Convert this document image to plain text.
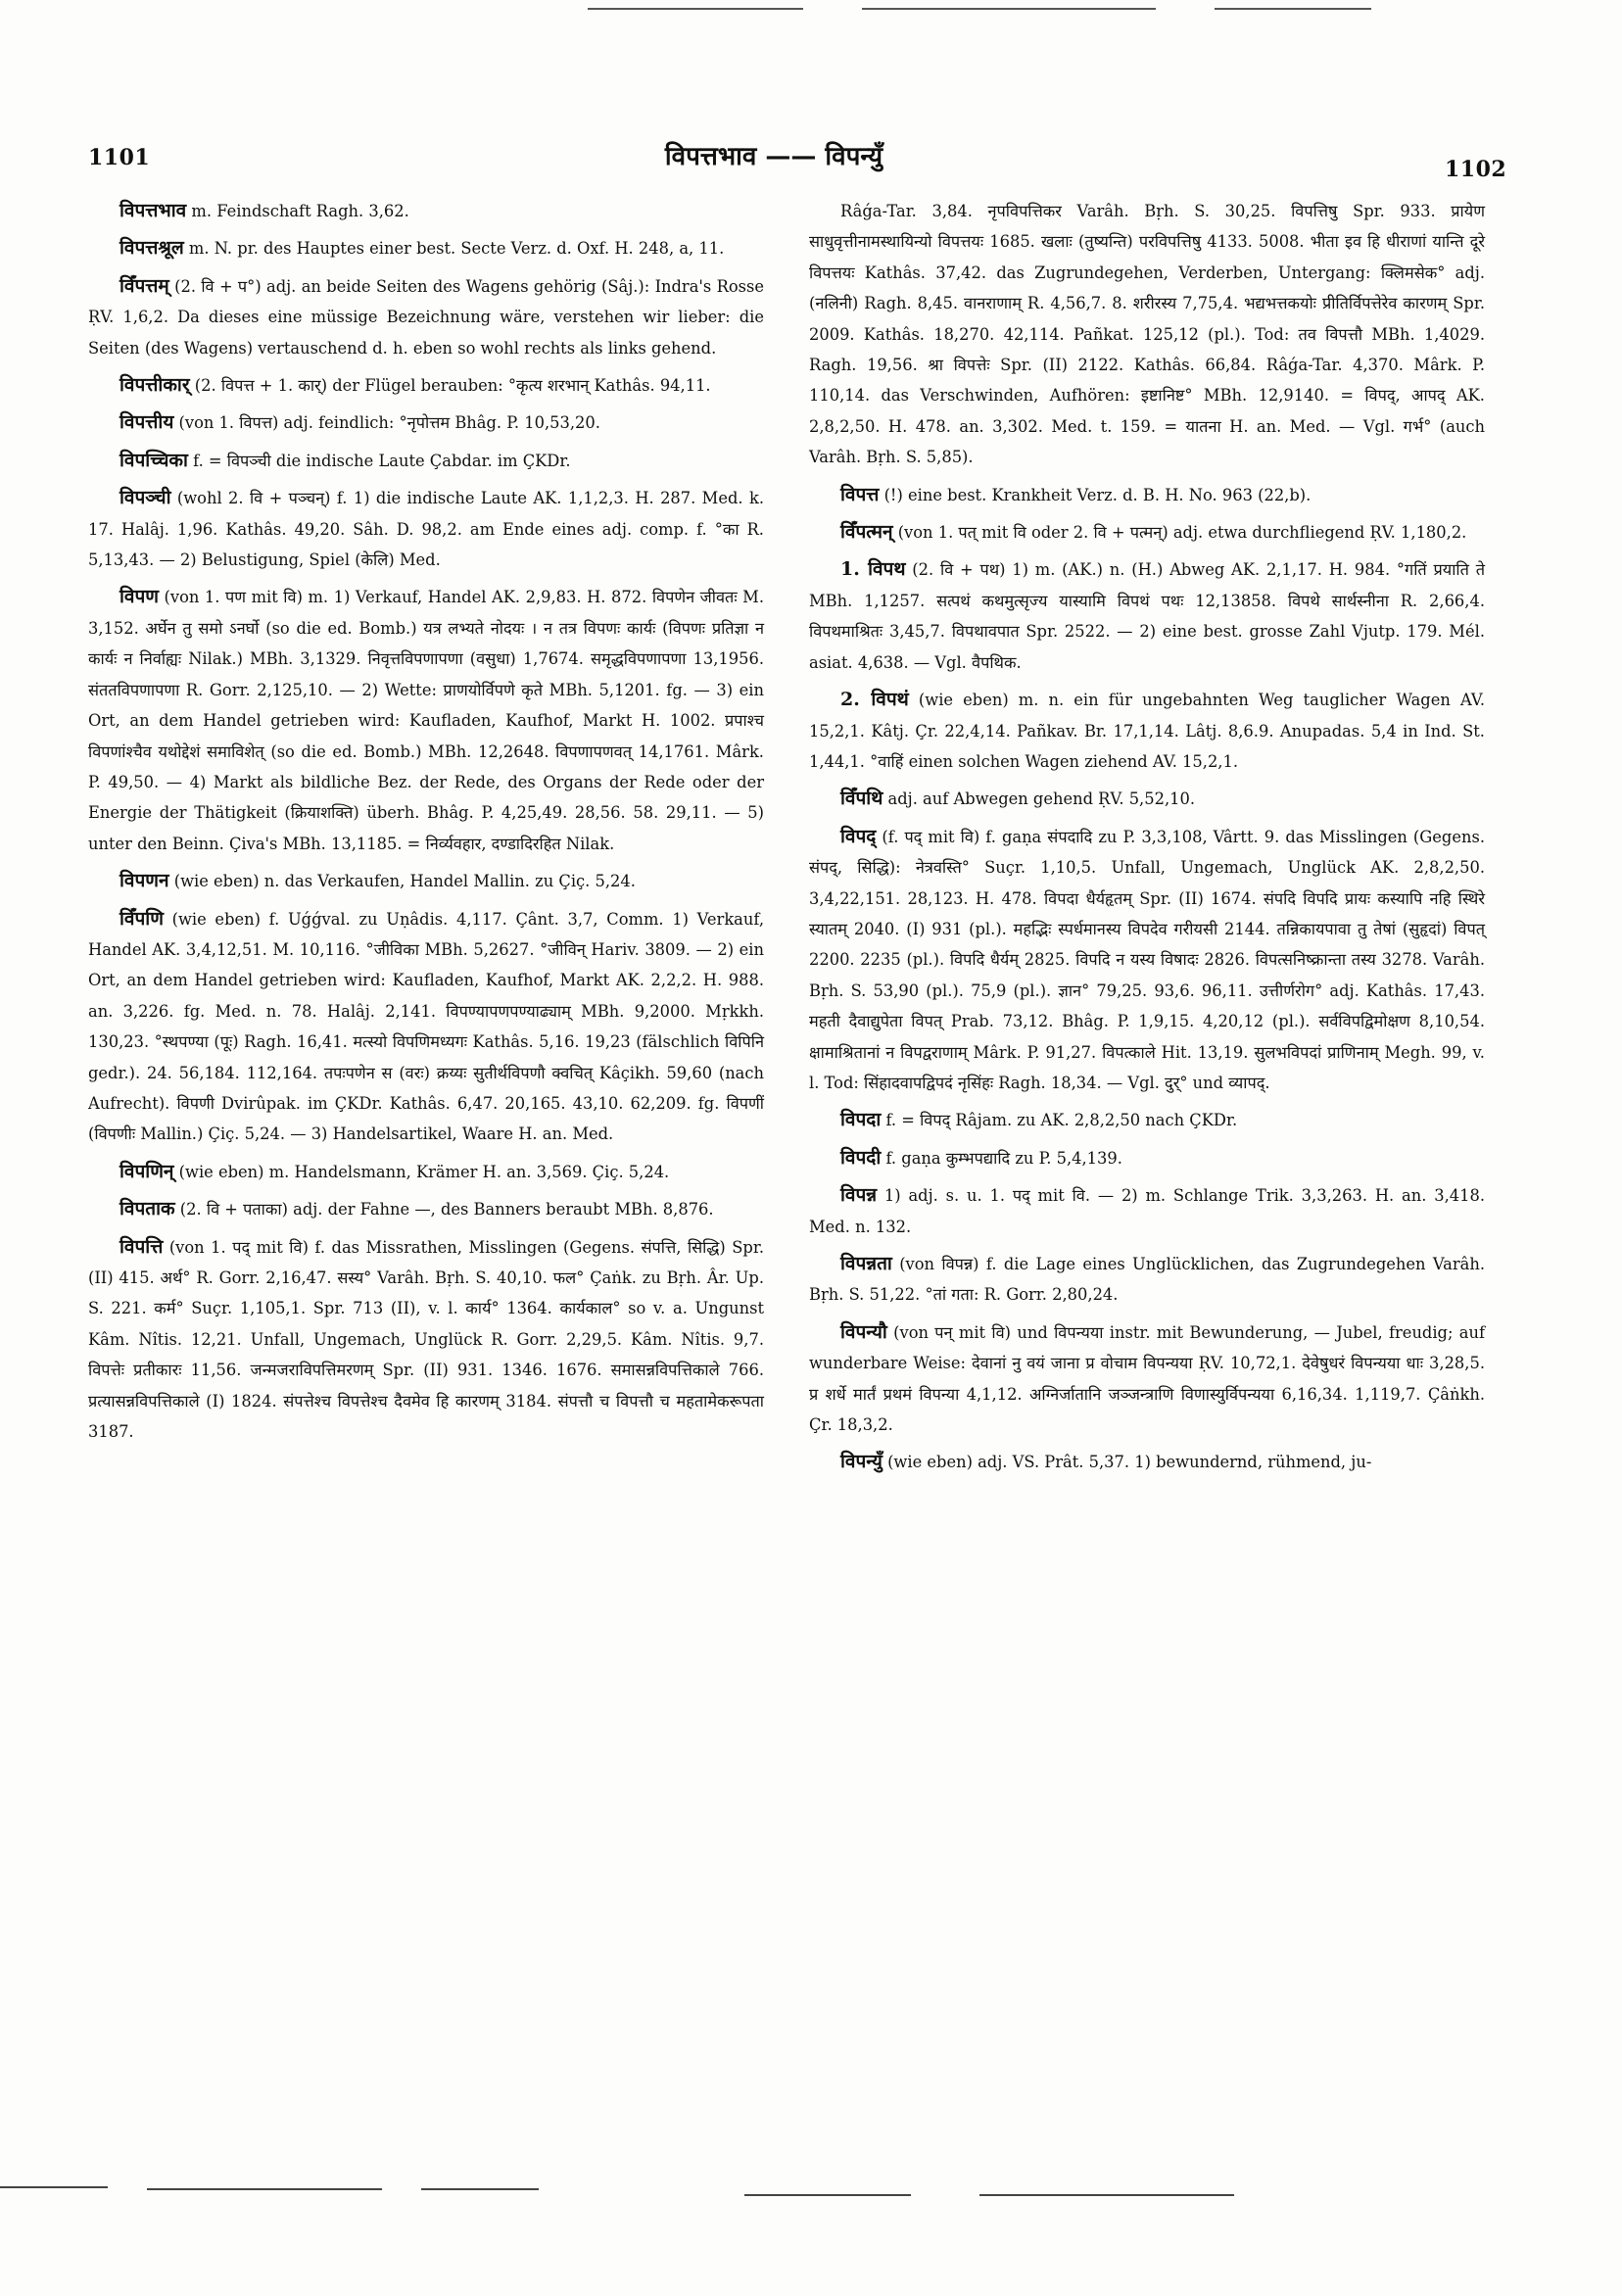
1101	विपत्तभाव —— विपन्युँ	1102

विपत्तभाव m. Feindschaft Ragh. 3,62.

विपत्तश्रूल m. N. pr. des Hauptes einer best. Secte Verz. d. Oxf. H. 248, a, 11.

विँपत्तम् (2. वि + प°) adj. an beide Seiten des Wagens gehörig (Sâj.): Indra's Rosse ṚV. 1,6,2. Da dieses eine müssige Bezeichnung wäre, verstehen wir lieber: die Seiten (des Wagens) vertauschend d. h. eben so wohl rechts als links gehend.

विपत्तीकार् (2. विपत्त + 1. कार्) der Flügel berauben: °कृत्य शरभान् Kathâs. 94,11.

विपत्तीय (von 1. विपत्त) adj. feindlich: °नृपोत्तम Bhâg. P. 10,53,20.

विपच्चिका f. = विपञ्ची die indische Laute Çabdar. im ÇKDr.

विपञ्ची (wohl 2. वि + पञ्चन्) f. 1) die indische Laute AK. 1,1,2,3. H. 287. Med. k. 17. Halâj. 1,96. Kathâs. 49,20. Sâh. D. 98,2. am Ende eines adj. comp. f. °का R. 5,13,43. — 2) Belustigung, Spiel (केलि) Med.

विपण (von 1. पण mit वि) m. 1) Verkauf, Handel AK. 2,9,83. H. 872. विपणेन जीवतः M. 3,152. अर्घेन तु समो ऽनर्घो (so die ed. Bomb.) यत्र लभ्यते नोदयः । न तत्र विपणः कार्यः (विपणः प्रतिज्ञा न कार्यः न निर्वाह्यः Nilak.) MBh. 3,1329. निवृत्तविपणापणा (वसुधा) 1,7674. समृद्धविपणापणा 13,1956. संततविपणापणा R. Gorr. 2,125,10. — 2) Wette: प्राणयोर्विपणे कृते MBh. 5,1201. fg. — 3) ein Ort, an dem Handel getrieben wird: Kaufladen, Kaufhof, Markt H. 1002. प्रपाश्च विपणांश्चैव यथोद्देशं समाविशेत् (so die ed. Bomb.) MBh. 12,2648. विपणापणवत् 14,1761. Mârk. P. 49,50. — 4) Markt als bildliche Bez. der Rede, des Organs der Rede oder der Energie der Thätigkeit (क्रियाशक्ति) überh. Bhâg. P. 4,25,49. 28,56. 58. 29,11. — 5) unter den Beinn. Çiva's MBh. 13,1185. = निर्व्यवहार, दण्डादिरहित Nilak.

विपणन (wie eben) n. das Verkaufen, Handel Mallin. zu Çiç. 5,24.

विँपणि (wie eben) f. Uǵǵval. zu Uṇâdis. 4,117. Çânt. 3,7, Comm. 1) Verkauf, Handel AK. 3,4,12,51. M. 10,116. °जीविका MBh. 5,2627. °जीविन् Hariv. 3809. — 2) ein Ort, an dem Handel getrieben wird: Kaufladen, Kaufhof, Markt AK. 2,2,2. H. 988. an. 3,226. fg. Med. n. 78. Halâj. 2,141. विपण्यापणपण्याढ्याम् MBh. 9,2000. Mṛkkh. 130,23. °स्थपण्या (पूः) Ragh. 16,41. मत्स्यो विपणिमध्यगः Kathâs. 5,16. 19,23 (fälschlich विपिनि gedr.). 24. 56,184. 112,164. तपःपणेन स (वरः) क्रय्यः सुतीर्थविपणौ क्वचित् Kâçikh. 59,60 (nach Aufrecht). विपणी Dvirûpak. im ÇKDr. Kathâs. 6,47. 20,165. 43,10. 62,209. fg. विपणीं (विपणीः Mallin.) Çiç. 5,24. — 3) Handelsartikel, Waare H. an. Med.

विपणिन् (wie eben) m. Handelsmann, Krämer H. an. 3,569. Çiç. 5,24.

विपताक (2. वि + पताका) adj. der Fahne —, des Banners beraubt MBh. 8,876.

विपत्ति (von 1. पद् mit वि) f. das Missrathen, Misslingen (Gegens. संपत्ति, सिद्धि) Spr. (II) 415. अर्थ° R. Gorr. 2,16,47. सस्य° Varâh. Bṛh. S. 40,10. फल° Çaṅk. zu Bṛh. Âr. Up. S. 221. कर्म° Suçr. 1,105,1. Spr. 713 (II), v. l. कार्य° 1364. कार्यकाल° so v. a. Ungunst Kâm. Nîtis. 12,21. Unfall, Ungemach, Unglück R. Gorr. 2,29,5. Kâm. Nîtis. 9,7. विपत्तेः प्रतीकारः 11,56. जन्मजराविपत्तिमरणम् Spr. (II) 931. 1346. 1676. समासन्नविपत्तिकाले 766. प्रत्यासन्नविपत्तिकाले (I) 1824. संपत्तेश्च विपत्तेश्च दैवमेव हि कारणम् 3184. संपत्तौ च विपत्तौ च महतामेकरूपता 3187.

Râǵa-Tar. 3,84. नृपविपत्तिकर Varâh. Bṛh. S. 30,25. विपत्तिषु Spr. 933. प्रायेण साधुवृत्तीनामस्थायिन्यो विपत्तयः 1685. खलाः (तुष्यन्ति) परविपत्तिषु 4133. 5008. भीता इव हि धीराणां यान्ति दूरे विपत्तयः Kathâs. 37,42. das Zugrundegehen, Verderben, Untergang: क्लिमसेक° adj. (नलिनी) Ragh. 8,45. वानराणाम् R. 4,56,7. 8. शरीरस्य 7,75,4. भद्यभत्तकयोः प्रीतिर्विपत्तेरेव कारणम् Spr. 2009. Kathâs. 18,270. 42,114. Pañkat. 125,12 (pl.). Tod: तव विपत्तौ MBh. 1,4029. Ragh. 19,56. श्रा विपत्तेः Spr. (II) 2122. Kathâs. 66,84. Râǵa-Tar. 4,370. Mârk. P. 110,14. das Verschwinden, Aufhören: इष्टानिष्ट° MBh. 12,9140. = विपद्, आपद् AK. 2,8,2,50. H. 478. an. 3,302. Med. t. 159. = यातना H. an. Med. — Vgl. गर्भ° (auch Varâh. Bṛh. S. 5,85).

विपत्त (!) eine best. Krankheit Verz. d. B. H. No. 963 (22,b).

विँपत्मन् (von 1. पत् mit वि oder 2. वि + पत्मन्) adj. etwa durchfliegend ṚV. 1,180,2.

1. विपथ (2. वि + पथ) 1) m. (AK.) n. (H.) Abweg AK. 2,1,17. H. 984. °गतिं प्रयाति ते MBh. 1,1257. सत्पथं कथमुत्सृज्य यास्यामि विपथं पथः 12,13858. विपथे सार्थस्नीना R. 2,66,4. विपथमाश्रितः 3,45,7. विपथावपात Spr. 2522. — 2) eine best. grosse Zahl Vjutp. 179. Mél. asiat. 4,638. — Vgl. वैपथिक.

2. विपथं (wie eben) m. n. ein für ungebahnten Weg tauglicher Wagen AV. 15,2,1. Kâtj. Çr. 22,4,14. Pañkav. Br. 17,1,14. Lâtj. 8,6.9. Anupadas. 5,4 in Ind. St. 1,44,1. °वाहिं einen solchen Wagen ziehend AV. 15,2,1.

विँपथि adj. auf Abwegen gehend ṚV. 5,52,10.

विपद् (f. पद् mit वि) f. gaṇa संपदादि zu P. 3,3,108, Vârtt. 9. das Misslingen (Gegens. संपद्, सिद्धि): नेत्रवस्ति° Suçr. 1,10,5. Unfall, Ungemach, Unglück AK. 2,8,2,50. 3,4,22,151. 28,123. H. 478. विपदा धैर्यहृतम् Spr. (II) 1674. संपदि विपदि प्रायः कस्यापि नहि स्थिरे स्यातम् 2040. (I) 931 (pl.). महद्भिः स्पर्धमानस्य विपदेव गरीयसी 2144. तन्निकायपावा तु तेषां (सुहृदां) विपत् 2200. 2235 (pl.). विपदि धैर्यम् 2825. विपदि न यस्य विषादः 2826. विपत्सनिष्क्रान्ता तस्य 3278. Varâh. Bṛh. S. 53,90 (pl.). 75,9 (pl.). ज्ञान° 79,25. 93,6. 96,11. उत्तीर्णरोग° adj. Kathâs. 17,43. महती दैवाद्युपेता विपत् Prab. 73,12. Bhâg. P. 1,9,15. 4,20,12 (pl.). सर्वविपद्विमोक्षण 8,10,54. क्षामाश्रितानां न विपद्वराणाम् Mârk. P. 91,27. विपत्काले Hit. 13,19. सुलभविपदां प्राणिनाम् Megh. 99, v. l. Tod: सिंहादवापद्विपदं नृसिंहः Ragh. 18,34. — Vgl. दुर्° und व्यापद्.

विपदा f. = विपद् Râjam. zu AK. 2,8,2,50 nach ÇKDr.

विपदी f. gaṇa कुम्भपद्यादि zu P. 5,4,139.

विपन्न 1) adj. s. u. 1. पद् mit वि. — 2) m. Schlange Trik. 3,3,263. H. an. 3,418. Med. n. 132.

विपन्नता (von विपन्न) f. die Lage eines Unglücklichen, das Zugrundegehen Varâh. Bṛh. S. 51,22. °तां गता: R. Gorr. 2,80,24.

विपन्यौ (von पन् mit वि) und विपन्यया instr. mit Bewunderung, — Jubel, freudig; auf wunderbare Weise: देवानां नु वयं जाना प्र वोचाम विपन्यया ṚV. 10,72,1. देवेषुधरं विपन्यया धाः 3,28,5. प्र शर्धे मार्तं प्रथमं विपन्या 4,1,12. अग्निर्जातानि जञ्जन्त्राणि विणास्युर्विपन्यया 6,16,34. 1,119,7. Çâṅkh. Çr. 18,3,2.

विपन्युँ (wie eben) adj. VS. Prât. 5,37. 1) bewundernd, rühmend, ju-
